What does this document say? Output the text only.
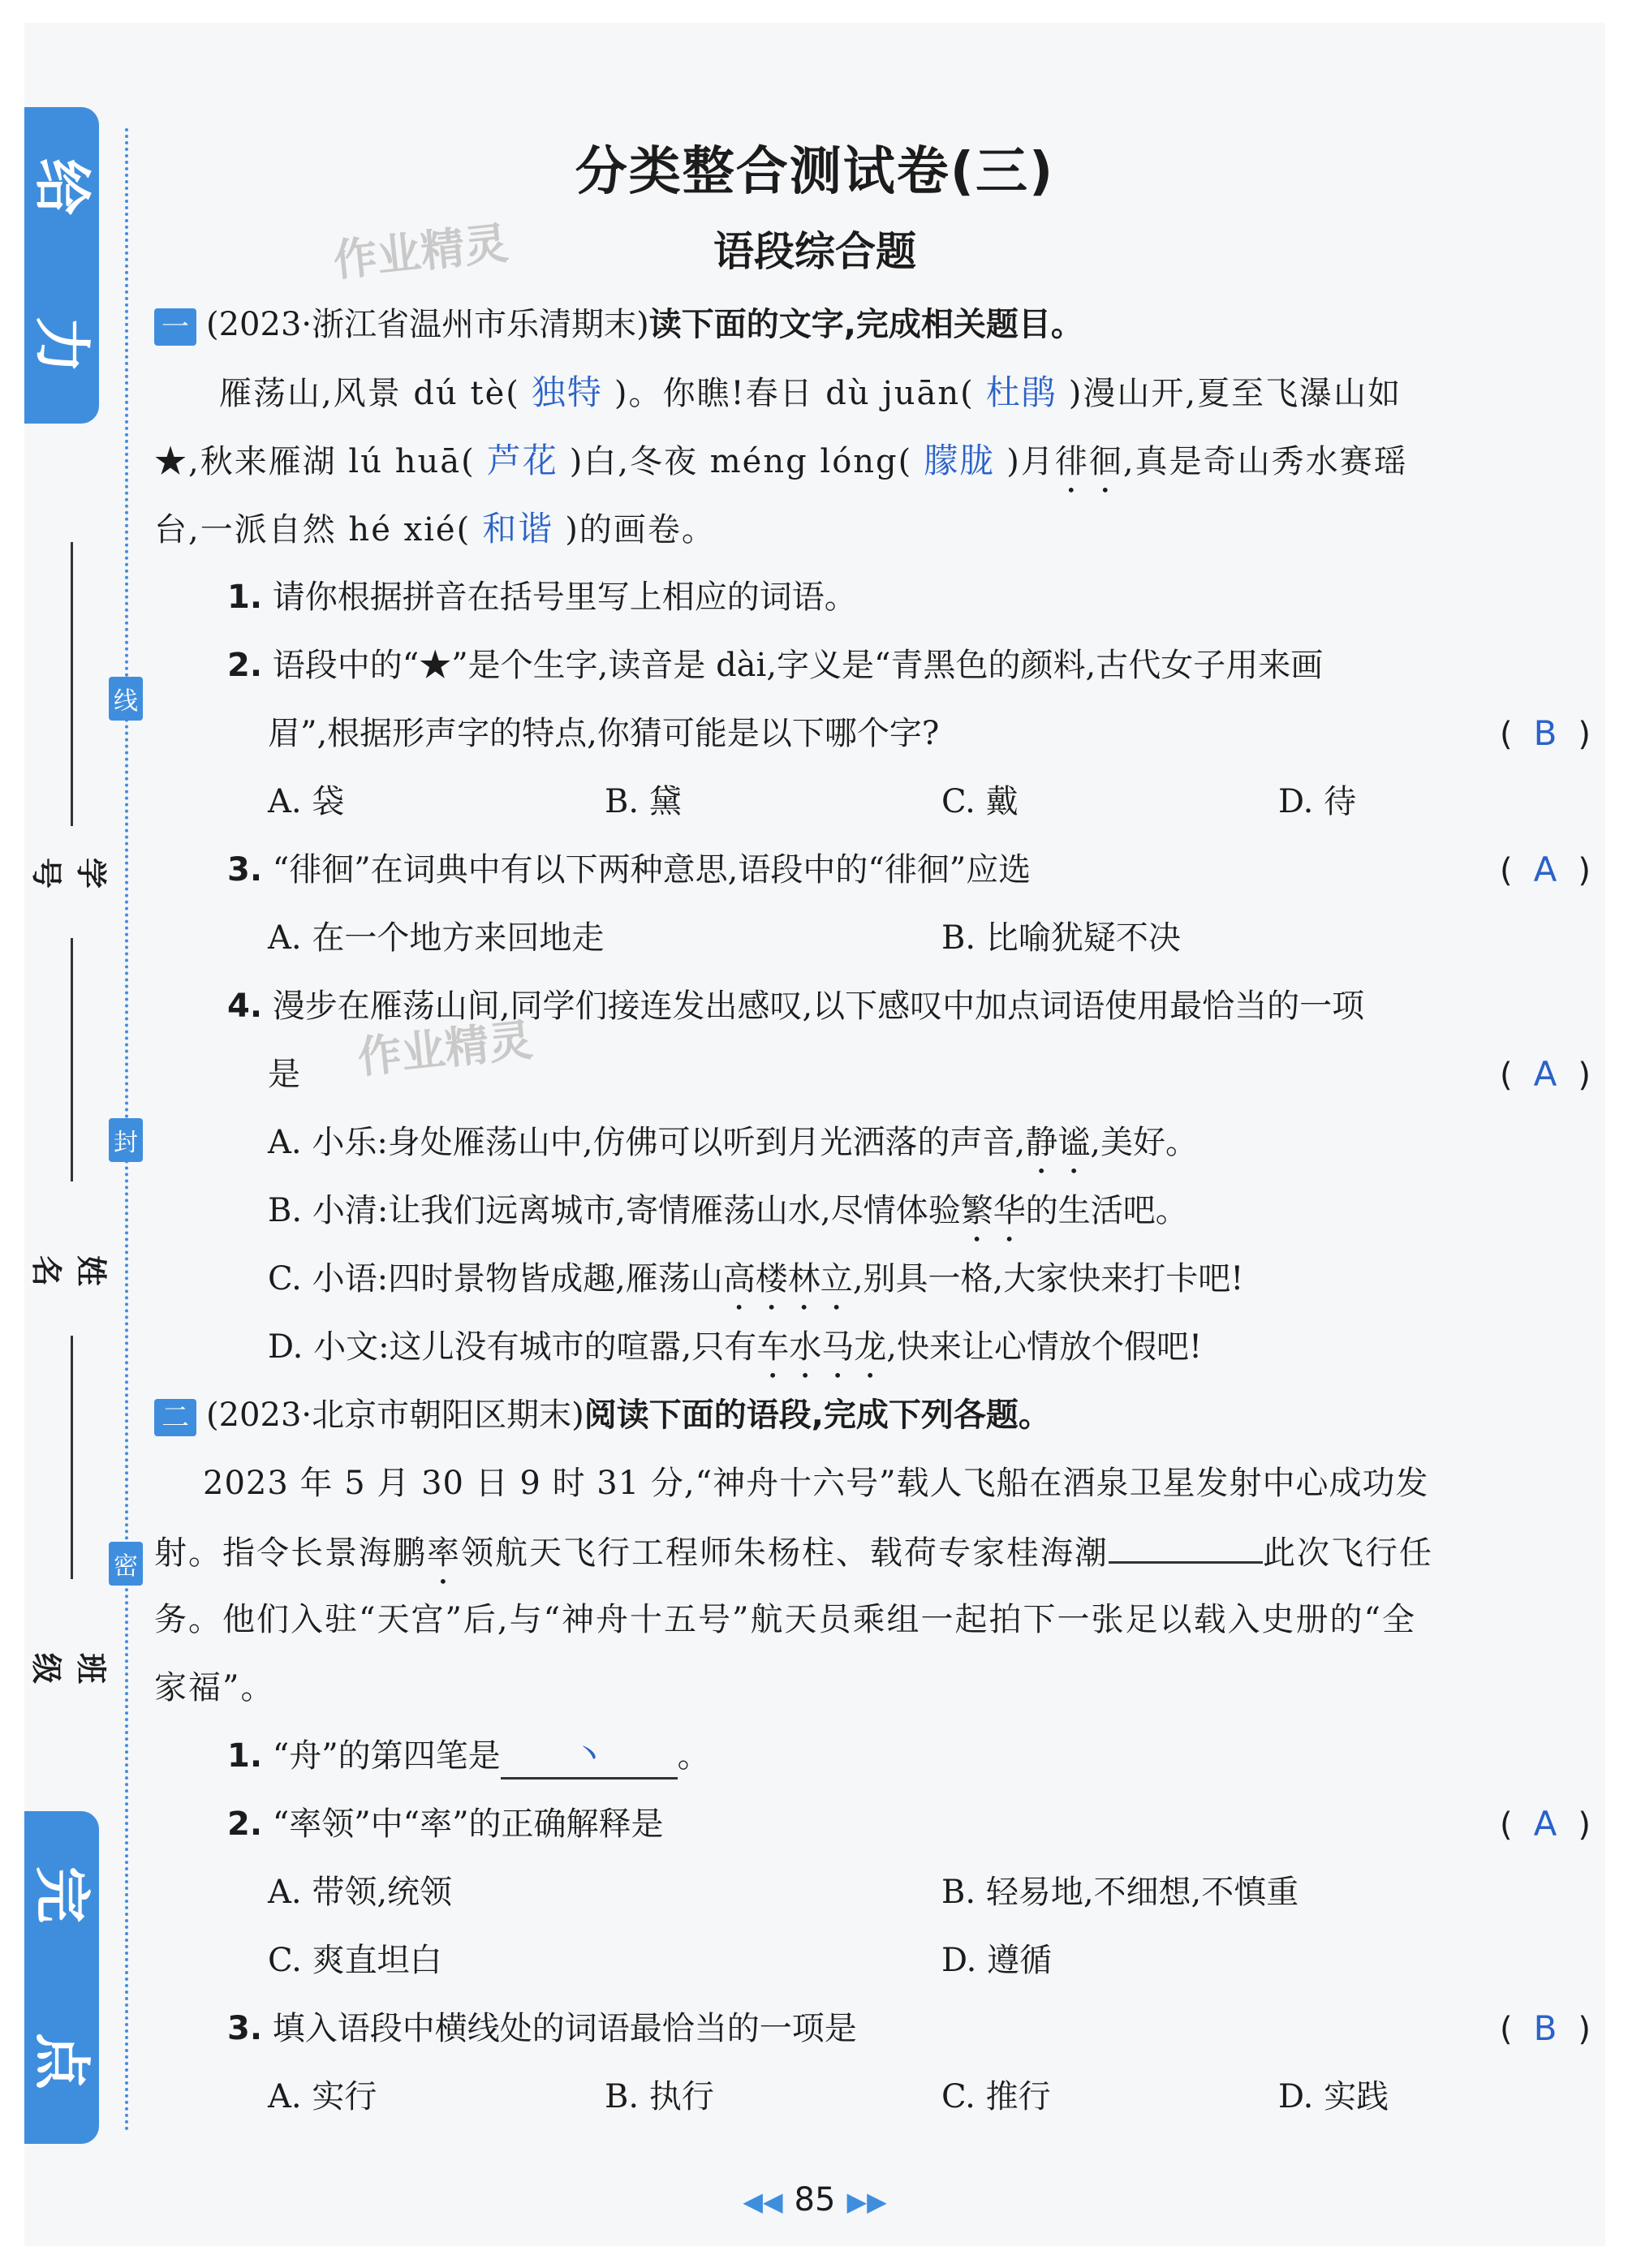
给
力
完
点
线
封
密
学号
姓名
班级
作业精灵
作业精灵
分类整合测试卷(三)
语段综合题
一 (2023·浙江省温州市乐清期末)读下面的文字,完成相关题目。
雁荡山,风景 dú tè( 独特 )。你瞧!春日 dù juān( 杜鹃 )漫山开,夏至飞瀑山如
★,秋来雁湖 lú huā( 芦花 )白,冬夜 méng lóng( 朦胧 )月徘徊,真是奇山秀水赛瑶
台,一派自然 hé xié( 和谐 )的画卷。
1. 请你根据拼音在括号里写上相应的词语。
2. 语段中的“★”是个生字,读音是 dài,字义是“青黑色的颜料,古代女子用来画
眉”,根据形声字的特点,你猜可能是以下哪个字?	( B )
A. 袋	B. 黛	C. 戴	D. 待
3. “徘徊”在词典中有以下两种意思,语段中的“徘徊”应选	( A )
A. 在一个地方来回地走	B. 比喻犹疑不决
4. 漫步在雁荡山间,同学们接连发出感叹,以下感叹中加点词语使用最恰当的一项
是	( A )
A. 小乐:身处雁荡山中,仿佛可以听到月光洒落的声音,静谧,美好。
B. 小清:让我们远离城市,寄情雁荡山水,尽情体验繁华的生活吧。
C. 小语:四时景物皆成趣,雁荡山高楼林立,别具一格,大家快来打卡吧!
D. 小文:这儿没有城市的喧嚣,只有车水马龙,快来让心情放个假吧!
二 (2023·北京市朝阳区期末)阅读下面的语段,完成下列各题。
2023 年 5 月 30 日 9 时 31 分,“神舟十六号”载人飞船在酒泉卫星发射中心成功发
射。指令长景海鹏率领航天飞行工程师朱杨柱、载荷专家桂海潮	此次飞行任
务。他们入驻“天宫”后,与“神舟十五号”航天员乘组一起拍下一张足以载入史册的“全
家福”。
1. “舟”的第四笔是 丶 。
2. “率领”中“率”的正确解释是	( A )
A. 带领,统领	B. 轻易地,不细想,不慎重
C. 爽直坦白	D. 遵循
3. 填入语段中横线处的词语最恰当的一项是	( B )
A. 实行	B. 执行	C. 推行	D. 实践
◀◀ 85 ▶▶
